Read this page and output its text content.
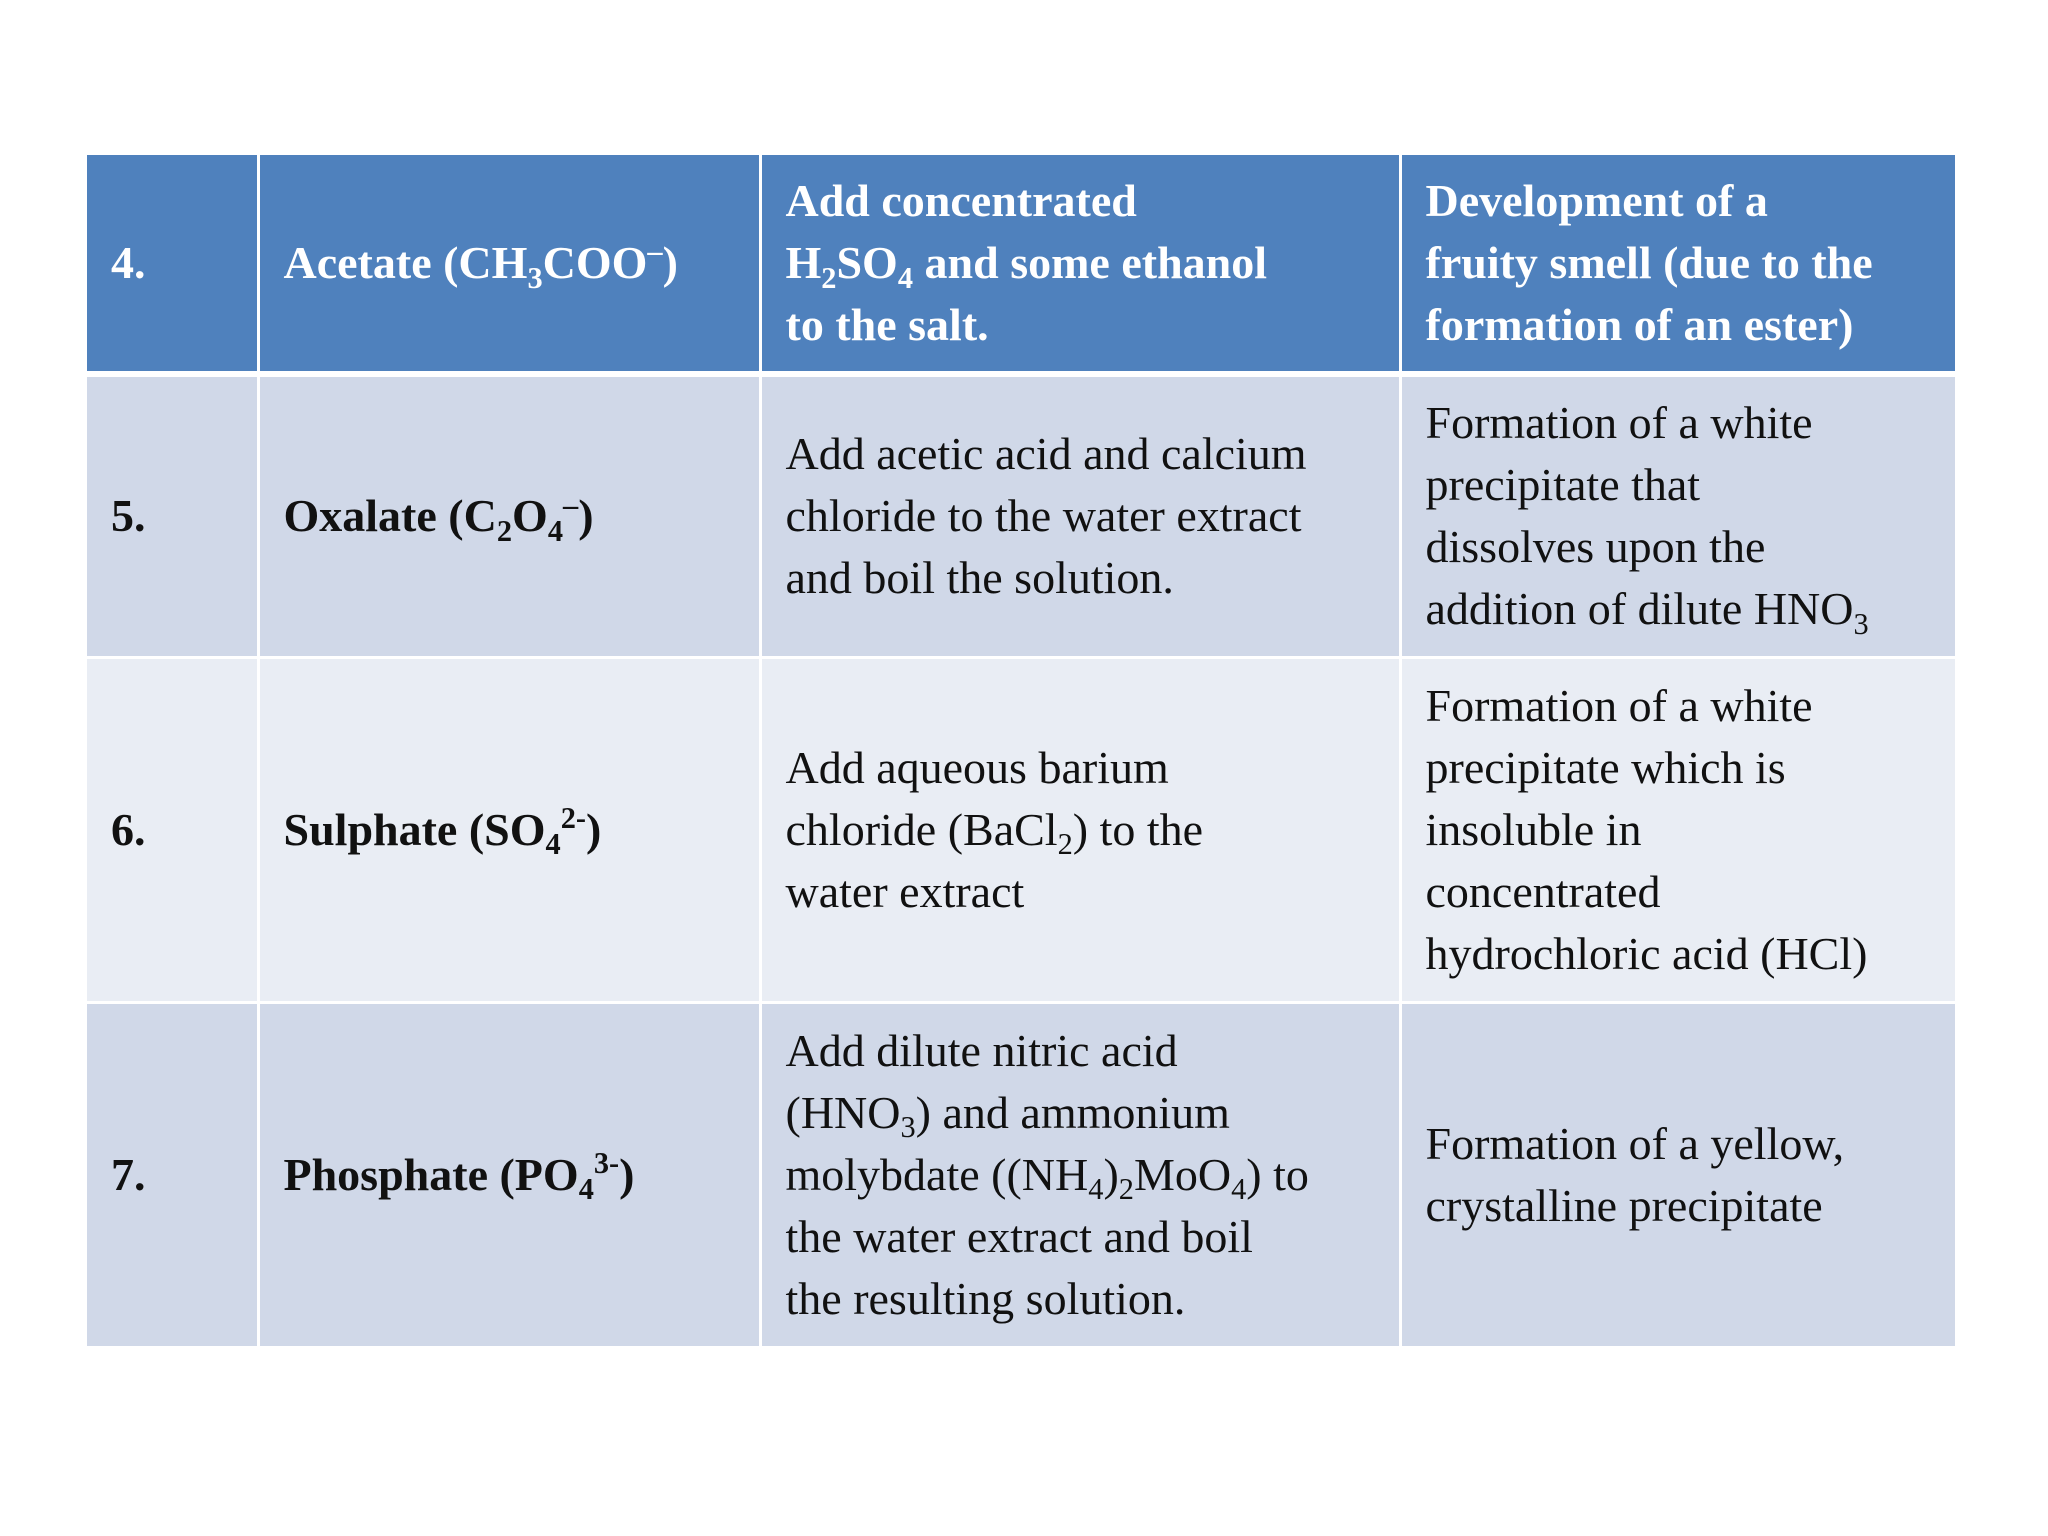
4.	Acetate $(CH_3COO^-)$	Add concentrated
$H_2SO_4$ and some ethanol
to the salt.	Development of a
fruity smell (due to the
formation of an ester)
5.	Oxalate $(C_2O_4^-)$	Add acetic acid and calcium
chloride to the water extract
and boil the solution.	Formation of a white
precipitate that
dissolves upon the
addition of dilute $HNO_3$
6.	Sulphate $(SO_4^{2-})$	Add aqueous barium
chloride (BaCl$_2$) to the
water extract	Formation of a white
precipitate which is
insoluble in
concentrated
hydrochloric acid (HCl)
7.	Phosphate $(PO_4^{3-})$	Add dilute nitric acid
$(HNO_3)$ and ammonium
molybdate $((NH_4)_2MoO_4)$ to
the water extract and boil
the resulting solution.	Formation of a yellow,
crystalline precipitate
